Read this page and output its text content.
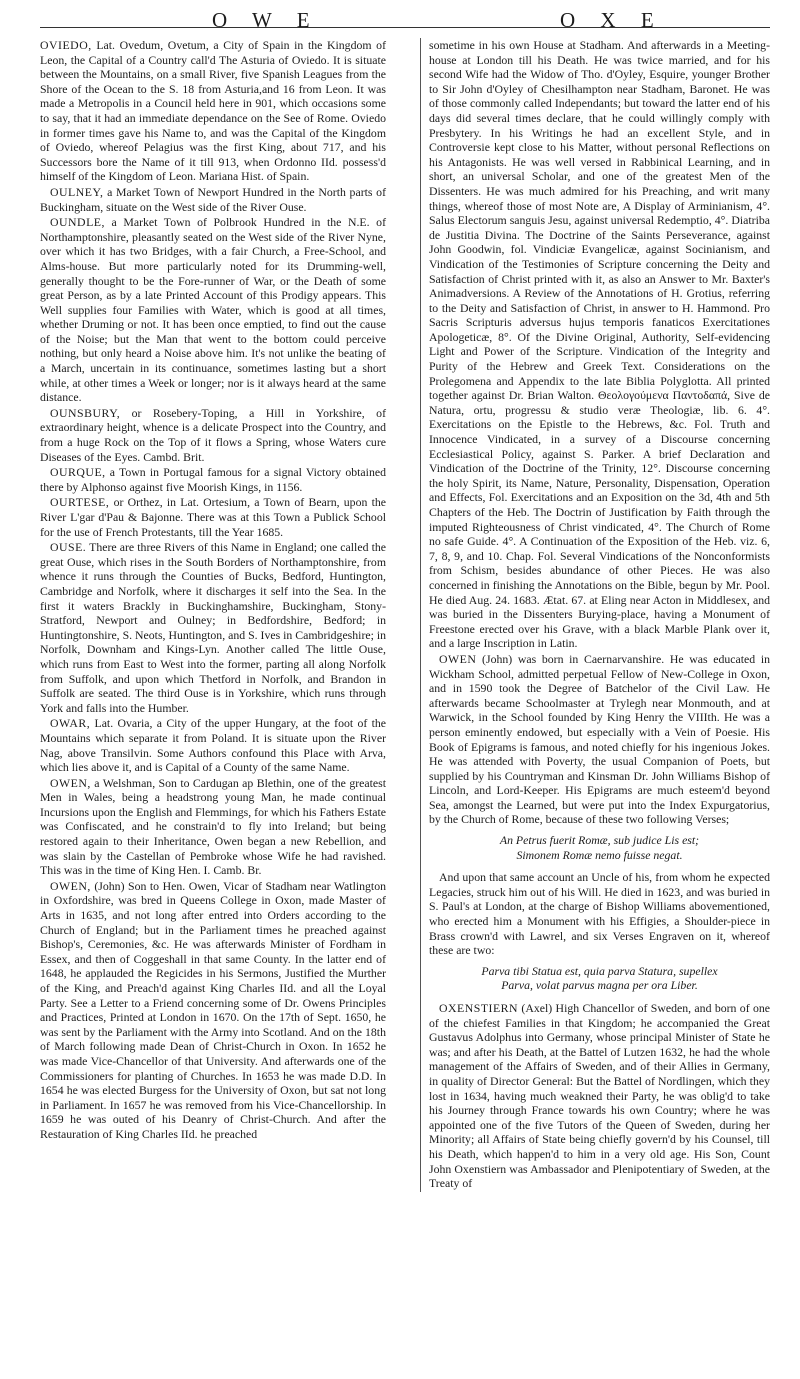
O W E	O X E

OVIEDO, Lat. Ovedum, Ovetum, a City of Spain in the Kingdom of Leon, the Capital of a Country call'd The Asturia of Oviedo. It is situate between the Mountains, on a small River, five Spanish Leagues from the Shore of the Ocean to the S. 18 from Asturia,and 16 from Leon. It was made a Metropolis in a Council held here in 901, which occasions some to say, that it had an immediate dependance on the See of Rome. Oviedo in former times gave his Name to, and was the Capital of the Kingdom of Oviedo, whereof Pelagius was the first King, about 717, and his Successors bore the Name of it till 913, when Ordonno IId. possess'd himself of the Kingdom of Leon. Mariana Hist. of Spain.

OULNEY, a Market Town of Newport Hundred in the North parts of Buckingham, situate on the West side of the River Ouse.

OUNDLE, a Market Town of Polbrook Hundred in the N.E. of Northamptonshire, pleasantly seated on the West side of the River Nyne, over which it has two Bridges, with a fair Church, a Free-School, and Alms-house. But more particularly noted for its Drumming-well, generally thought to be the Fore-runner of War, or the Death of some great Person, as by a late Printed Account of this Prodigy appears. This Well supplies four Families with Water, which is good at all times, whether Druming or not. It has been once emptied, to find out the cause of the Noise; but the Man that went to the bottom could perceive nothing, but only heard a Noise above him. It's not unlike the beating of a March, uncertain in its continuance, sometimes lasting but a short while, at other times a Week or longer; nor is it always heard at the same distance.

OUNSBURY, or Rosebery-Toping, a Hill in Yorkshire, of extraordinary height, whence is a delicate Prospect into the Country, and from a huge Rock on the Top of it flows a Spring, whose Waters cure Diseases of the Eyes. Cambd. Brit.

OURQUE, a Town in Portugal famous for a signal Victory obtained there by Alphonso against five Moorish Kings, in 1156.

OURTESE, or Orthez, in Lat. Ortesium, a Town of Bearn, upon the River L'gar d'Pau & Bajonne. There was at this Town a Publick School for the use of French Protestants, till the Year 1685.

OUSE. There are three Rivers of this Name in England; one called the great Ouse, which rises in the South Borders of Northamptonshire, from whence it runs through the Counties of Bucks, Bedford, Huntington, Cambridge and Norfolk, where it discharges it self into the Sea. In the first it waters Brackly in Buckinghamshire, Buckingham, Stony-Stratford, Newport and Oulney; in Bedfordshire, Bedford; in Huntingtonshire, S. Neots, Huntington, and S. Ives in Cambridgeshire; in Norfolk, Downham and Kings-Lyn. Another called The little Ouse, which runs from East to West into the former, parting all along Norfolk from Suffolk, and upon which Thetford in Norfolk, and Brandon in Suffolk are seated. The third Ouse is in Yorkshire, which runs through York and falls into the Humber.

OWAR, Lat. Ovaria, a City of the upper Hungary, at the foot of the Mountains which separate it from Poland. It is situate upon the River Nag, above Transilvin. Some Authors confound this Place with Arva, which lies above it, and is Capital of a County of the same Name.

OWEN, a Welshman, Son to Cardugan ap Blethin, one of the greatest Men in Wales, being a headstrong young Man, he made continual Incursions upon the English and Flemmings, for which his Fathers Estate was Confiscated, and he constrain'd to fly into Ireland; but being restored again to their Inheritance, Owen began a new Rebellion, and was slain by the Castellan of Pembroke whose Wife he had ravished. This was in the time of King Hen. I. Camb. Br.

OWEN, (John) Son to Hen. Owen, Vicar of Stadham near Watlington in Oxfordshire, was bred in Queens College in Oxon, made Master of Arts in 1635, and not long after entred into Orders according to the Church of England; but in the Parliament times he preached against Bishop's, Ceremonies, &c. He was afterwards Minister of Fordham in Essex, and then of Coggeshall in that same County. In the latter end of 1648, he applauded the Regicides in his Sermons, Justified the Murther of the King, and Preach'd against King Charles IId. and all the Loyal Party. See a Letter to a Friend concerning some of Dr. Owens Principles and Practices, Printed at London in 1670. On the 17th of Sept. 1650, he was sent by the Parliament with the Army into Scotland. And on the 18th of March following made Dean of Christ-Church in Oxon. In 1652 he was made Vice-Chancellor of that University. And afterwards one of the Commissioners for planting of Churches. In 1653 he was made D.D. In 1654 he was elected Burgess for the University of Oxon, but sat not long in Parliament. In 1657 he was removed from his Vice-Chancellorship. In 1659 he was outed of his Deanry of Christ-Church. And after the Restauration of King Charles IId. he preached

sometime in his own House at Stadham. And afterwards in a Meeting-house at London till his Death. He was twice married, and for his second Wife had the Widow of Tho. d'Oyley, Esquire, younger Brother to Sir John d'Oyley of Chesilhampton near Stadham, Baronet. He was of those commonly called Independants; but toward the latter end of his days did several times declare, that he could willingly comply with Presbytery. In his Writings he had an excellent Style, and in Controversie kept close to his Matter, without personal Reflections on his Antagonists. He was well versed in Rabbinical Learning, and in short, an universal Scholar, and one of the greatest Men of the Dissenters. He was much admired for his Preaching, and writ many things, whereof those of most Note are, A Display of Arminianism, 4°. Salus Electorum sanguis Jesu, against universal Redemptio, 4°. Diatriba de Justitia Divina. The Doctrine of the Saints Perseverance, against John Goodwin, fol. Vindiciæ Evangelicæ, against Socinianism, and Vindication of the Testimonies of Scripture concerning the Deity and Satisfaction of Christ printed with it, as also an Answer to Mr. Baxter's Animadversions. A Review of the Annotations of H. Grotius, referring to the Deity and Satisfaction of Christ, in answer to H. Hammond. Pro Sacris Scripturis adversus hujus temporis fanaticos Exercitationes Apologeticæ, 8°. Of the Divine Original, Authority, Self-evidencing Light and Power of the Scripture. Vindication of the Integrity and Purity of the Hebrew and Greek Text. Considerations on the Prolegomena and Appendix to the late Biblia Polyglotta. All printed together against Dr. Brian Walton. Θεολογούμενα Παντοδαπά, Sive de Natura, ortu, progressu & studio veræ Theologiæ, lib. 6. 4°. Exercitations on the Epistle to the Hebrews, &c. Fol. Truth and Innocence Vindicated, in a survey of a Discourse concerning Ecclesiastical Policy, against S. Parker. A brief Declaration and Vindication of the Doctrine of the Trinity, 12°. Discourse concerning the holy Spirit, its Name, Nature, Personality, Dispensation, Operation and Effects, Fol. Exercitations and an Exposition on the 3d, 4th and 5th Chapters of the Heb. The Doctrin of Justification by Faith through the imputed Righteousness of Christ vindicated, 4°. The Church of Rome no safe Guide. 4°. A Continuation of the Exposition of the Heb. viz. 6, 7, 8, 9, and 10. Chap. Fol. Several Vindications of the Nonconformists from Schism, besides abundance of other Pieces. He was also concerned in finishing the Annotations on the Bible, begun by Mr. Pool. He died Aug. 24. 1683. Ætat. 67. at Eling near Acton in Middlesex, and was buried in the Dissenters Burying-place, having a Monument of Freestone erected over his Grave, with a black Marble Plank over it, and a large Inscription in Latin.

OWEN (John) was born in Caernarvanshire. He was educated in Wickham School, admitted perpetual Fellow of New-College in Oxon, and in 1590 took the Degree of Batchelor of the Civil Law. He afterwards became Schoolmaster at Trylegh near Monmouth, and at Warwick, in the School founded by King Henry the VIIIth. He was a person eminently endowed, but especially with a Vein of Poesie. His Book of Epigrams is famous, and noted chiefly for his ingenious Jokes. He was attended with Poverty, the usual Companion of Poets, but supplied by his Countryman and Kinsman Dr. John Williams Bishop of Lincoln, and Lord-Keeper. His Epigrams are much esteem'd beyond Sea, amongst the Learned, but were put into the Index Expurgatorius, by the Church of Rome, because of these two following Verses;

An Petrus fuerit Romæ, sub judice Lis est;
Simonem Romæ nemo fuisse negat.

And upon that same account an Uncle of his, from whom he expected Legacies, struck him out of his Will. He died in 1623, and was buried in S. Paul's at London, at the charge of Bishop Williams abovementioned, who erected him a Monument with his Effigies, a Shoulder-piece in Brass crown'd with Lawrel, and six Verses Engraven on it, whereof these are two:

Parva tibi Statua est, quia parva Statura, supellex
Parva, volat parvus magna per ora Liber.

OXENSTIERN (Axel) High Chancellor of Sweden, and born of one of the chiefest Families in that Kingdom; he accompanied the Great Gustavus Adolphus into Germany, whose principal Minister of State he was; and after his Death, at the Battel of Lutzen 1632, he had the whole management of the Affairs of Sweden, and of their Allies in Germany, in quality of Director General: But the Battel of Nordlingen, which they lost in 1634, having much weakned their Party, he was oblig'd to take his Journey through France towards his own Country; where he was appointed one of the five Tutors of the Queen of Sweden, during her Minority; all Affairs of State being chiefly govern'd by his Counsel, till his Death, which happen'd to him in a very old age. His Son, Count John Oxenstiern was Ambassador and Plenipotentiary of Sweden, at the Treaty of
